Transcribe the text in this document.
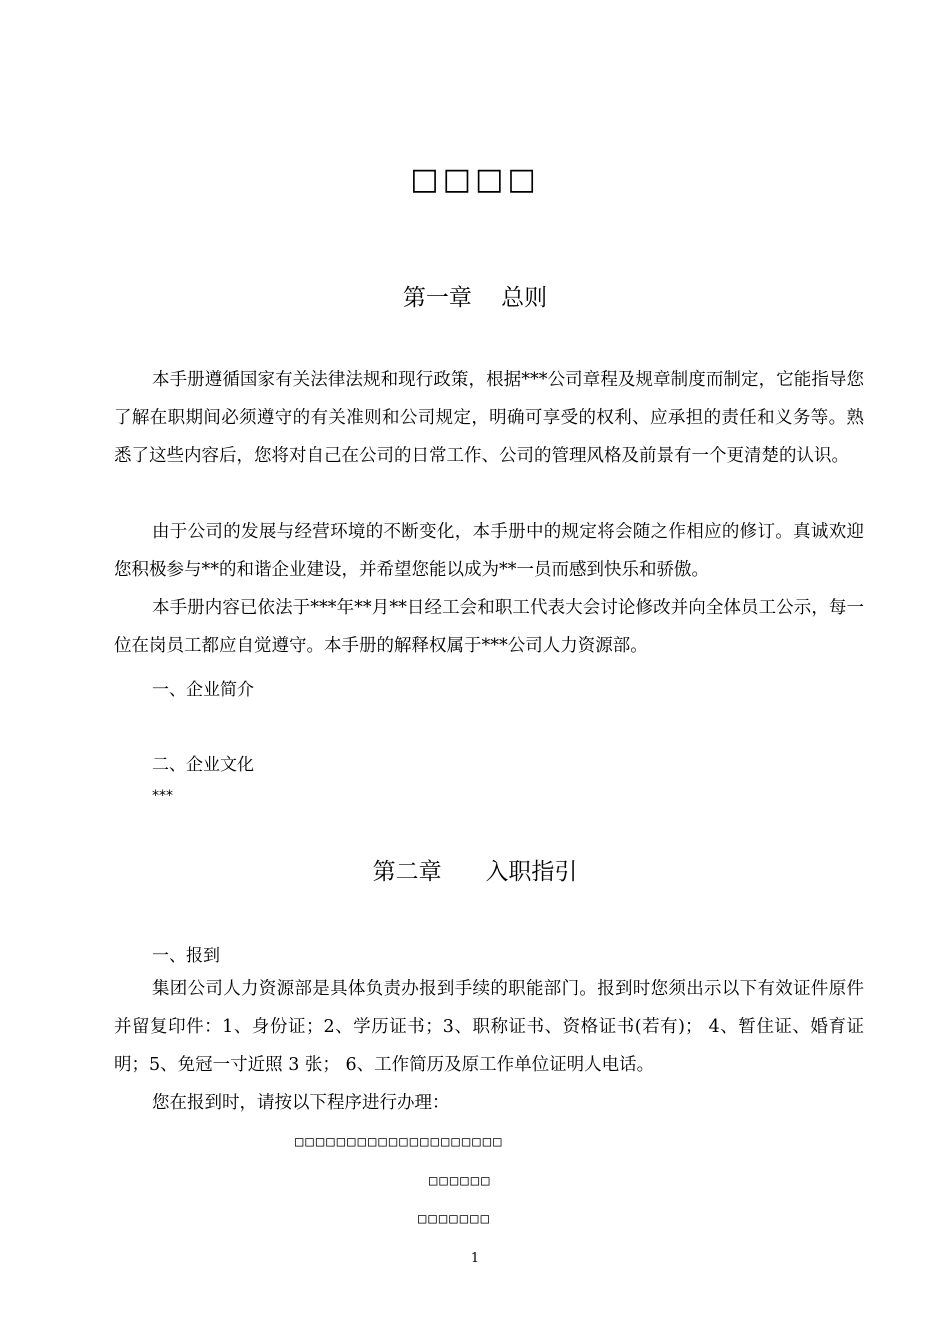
□□□□
第一章    总则
本手册遵循国家有关法律法规和现行政策，根据***公司章程及规章制度而制定，它能指导您了解在职期间必须遵守的有关准则和公司规定，明确可享受的权利、应承担的责任和义务等。熟悉了这些内容后，您将对自己在公司的日常工作、公司的管理风格及前景有一个更清楚的认识。
由于公司的发展与经营环境的不断变化，本手册中的规定将会随之作相应的修订。真诚欢迎您积极参与**的和谐企业建设，并希望您能以成为**一员而感到快乐和骄傲。
本手册内容已依法于***年**月**日经工会和职工代表大会讨论修改并向全体员工公示，每一位在岗员工都应自觉遵守。本手册的解释权属于***公司人力资源部。
一、企业简介
二、企业文化
***
第二章      入职指引
一、报到
集团公司人力资源部是具体负责办报到手续的职能部门。报到时您须出示以下有效证件原件并留复印件：1、身份证；2、学历证书；3、职称证书、资格证书(若有)； 4、暂住证、婚育证明；5、免冠一寸近照 3 张； 6、工作简历及原工作单位证明人电话。
您在报到时，请按以下程序进行办理：
□□□□□□□□□□□□□□□□□□□□
□□□□□□
□□□□□□□
1
